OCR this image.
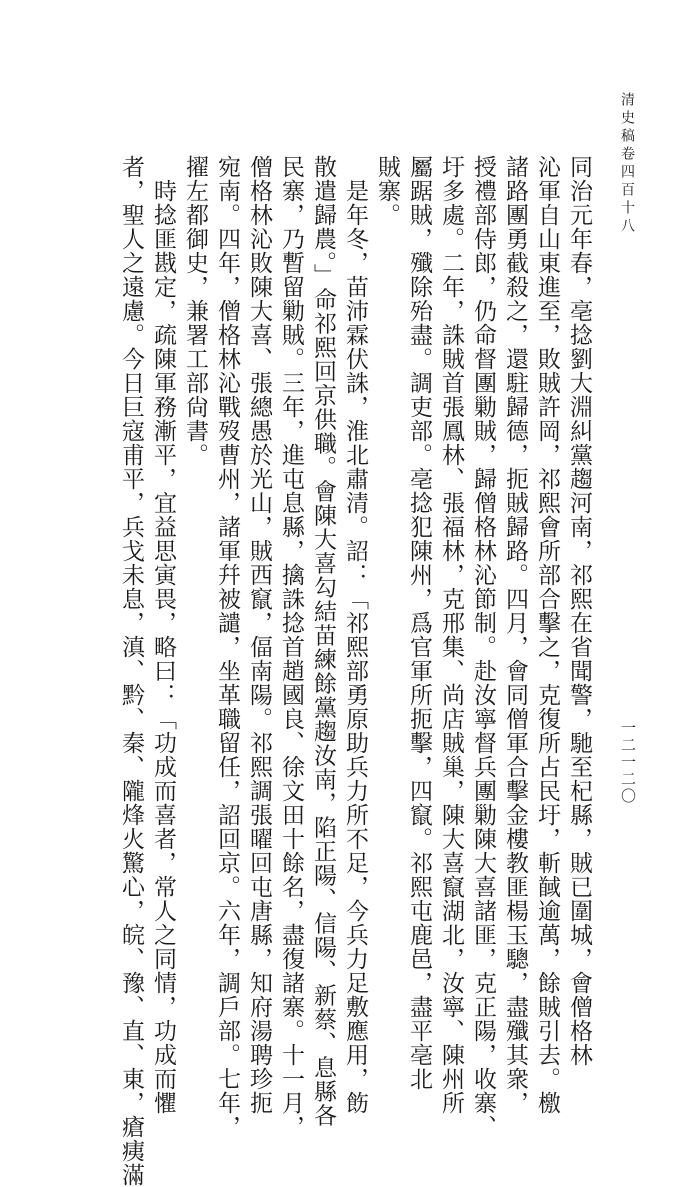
清史稿卷四百十八
一二一二〇
同治元年春，亳捻劉大淵糾黨趨河南，祁熙在省聞警，馳至杞縣，賊已圍城，會僧格林
沁軍自山東進至，敗賊許岡，祁熙會所部合擊之，克復所占民圩，斬馘逾萬，餘賊引去。檄
諸路團勇截殺之，還駐歸德，扼賊歸路。四月，會同僧軍合擊金樓教匪楊玉驄，盡殲其衆，
授禮部侍郎，仍命督團勦賊，歸僧格林沁節制。赴汝寧督兵團勦陳大喜諸匪，克正陽，收寨、
圩多處。二年，誅賊首張鳳林、張福林，克邢集、尚店賊巢，陳大喜竄湖北，汝寧、陳州所
屬踞賊，殲除殆盡。調吏部。亳捻犯陳州，爲官軍所扼擊，四竄。祁熙屯鹿邑，盡平亳北
賊寨。
　是年冬，苗沛霖伏誅，淮北肅清。詔：「祁熙部勇原助兵力所不足，今兵力足敷應用，飭
散遣歸農。」命祁熙回京供職。會陳大喜勾結苗練餘黨趨汝南，陷正陽、信陽、新蔡、息縣各
民寨，乃暫留勦賊。三年，進屯息縣，擒誅捻首趙國良、徐文田十餘名，盡復諸寨。十一月，
僧格林沁敗陳大喜、張總愚於光山，賊西竄，偪南陽。祁熙調張曜回屯唐縣，知府湯聘珍扼
宛南。四年，僧格林沁戰歿曹州，諸軍幷被譴，坐革職留任，詔回京。六年，調戶部。七年，
擢左都御史，兼署工部尙書。
　時捻匪戡定，疏陳軍務漸平，宜益思寅畏，略曰：「功成而喜者，常人之同情，功成而懼
者，聖人之遠慮。今日巨寇甫平，兵戈未息，滇、黔、秦、隴烽火驚心，皖、豫、直、東，瘡痍滿
